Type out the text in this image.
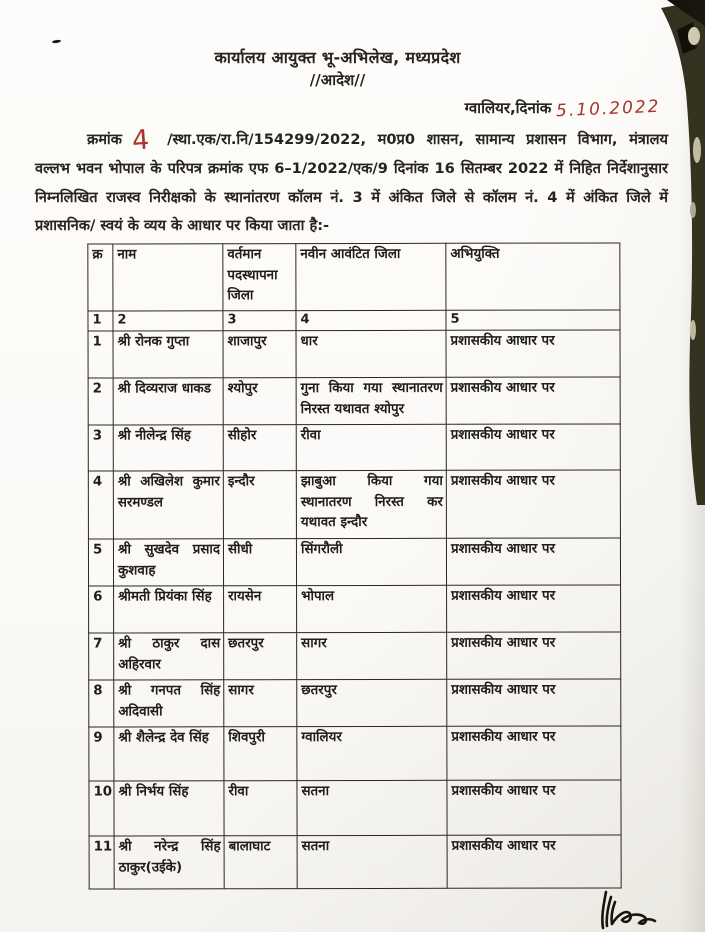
कार्यालय आयुक्त भू-अभिलेख, मध्यप्रदेश
//आदेश//
ग्वालियर,दिनांक 5.10.2022
क्रमांक 4 /स्था.एक/रा.नि/154299/2022, म0प्र0 शासन, सामान्य प्रशासन विभाग, मंत्रालय वल्लभ भवन भोपाल के परिपत्र क्रमांक एफ 6–1/2022/एक/9 दिनांक 16 सितम्बर 2022 में निहित निर्देशानुसार निम्नलिखित राजस्व निरीक्षको के स्थानांतरण कॉलम नं. 3 में अंकित जिले से कॉलम नं. 4 में अंकित जिले में प्रशासनिक/ स्वयं के व्यय के आधार पर किया जाता है:-
क्र	नाम	वर्तमान पदस्थापना जिला	नवीन आवंटित जिला	अभियुक्ति
1	2	3	4	5
1	श्री रोनक गुप्ता	शाजापुर	धार	प्रशासकीय आधार पर
2	श्री दिव्यराज धाकड	श्योपुर	गुना किया गया स्थानातरण निरस्त यथावत श्योपुर	प्रशासकीय आधार पर
3	श्री नीलेन्द्र सिंह	सीहोर	रीवा	प्रशासकीय आधार पर
4	श्री अखिलेश कुमार सरमण्डल	इन्दौर	झाबुआ किया गया स्थानातरण निरस्त कर यथावत इन्दौर	प्रशासकीय आधार पर
5	श्री सुखदेव प्रसाद कुशवाह	सीधी	सिंगरौली	प्रशासकीय आधार पर
6	श्रीमती प्रियंका सिंह	रायसेन	भोपाल	प्रशासकीय आधार पर
7	श्री ठाकुर दास अहिरवार	छतरपुर	सागर	प्रशासकीय आधार पर
8	श्री गनपत सिंह अदिवासी	सागर	छतरपुर	प्रशासकीय आधार पर
9	श्री शैलेन्द्र देव सिंह	शिवपुरी	ग्वालियर	प्रशासकीय आधार पर
10	श्री निर्भय सिंह	रीवा	सतना	प्रशासकीय आधार पर
11	श्री नरेन्द्र सिंह ठाकुर(उईके)	बालाघाट	सतना	प्रशासकीय आधार पर
